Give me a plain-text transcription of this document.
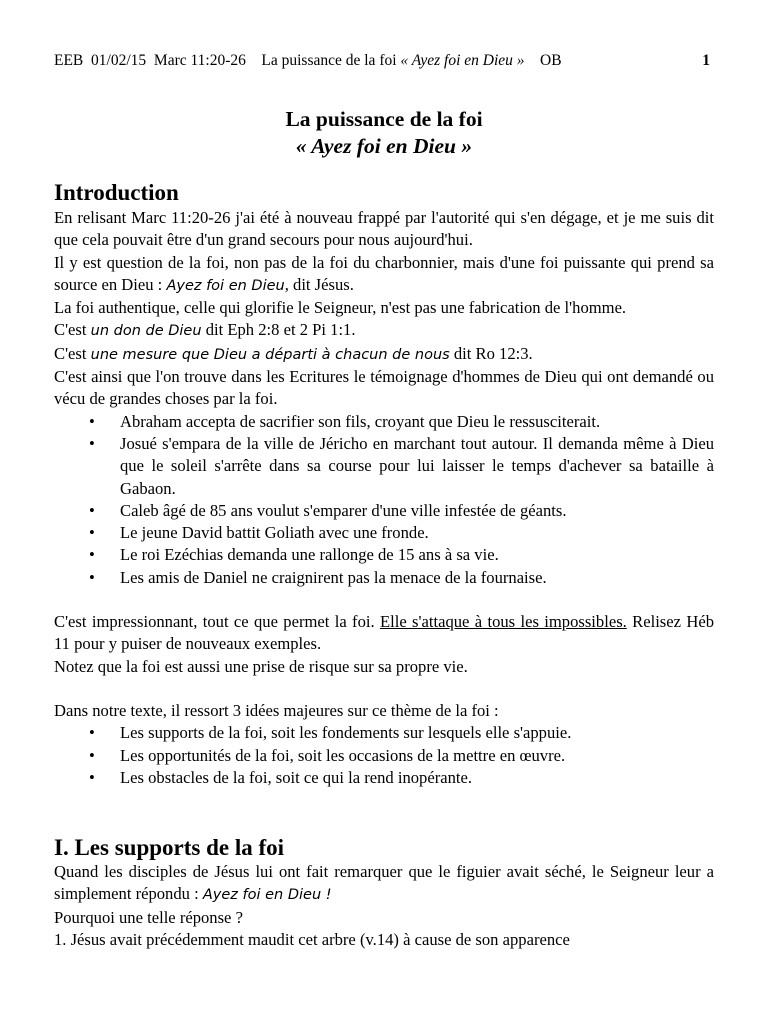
EEB 01/02/15 Marc 11:20-26 La puissance de la foi « Ayez foi en Dieu » OB	1
La puissance de la foi
« Ayez foi en Dieu »
Introduction

En relisant Marc 11:20-26 j'ai été à nouveau frappé par l'autorité qui s'en dégage, et je me suis dit que cela pouvait être d'un grand secours pour nous aujourd'hui.

Il y est question de la foi, non pas de la foi du charbonnier, mais d'une foi puissante qui prend sa source en Dieu : Ayez foi en Dieu, dit Jésus.

La foi authentique, celle qui glorifie le Seigneur, n'est pas une fabrication de l'homme.

C'est un don de Dieu dit Eph 2:8 et 2 Pi 1:1.

C'est une mesure que Dieu a départi à chacun de nous dit Ro 12:3.

C'est ainsi que l'on trouve dans les Ecritures le témoignage d'hommes de Dieu qui ont demandé ou vécu de grandes choses par la foi.

• Abraham accepta de sacrifier son fils, croyant que Dieu le ressusciterait.
• Josué s'empara de la ville de Jéricho en marchant tout autour. Il demanda même à Dieu que le soleil s'arrête dans sa course pour lui laisser le temps d'achever sa bataille à Gabaon.
• Caleb âgé de 85 ans voulut s'emparer d'une ville infestée de géants.
• Le jeune David battit Goliath avec une fronde.
• Le roi Ezéchias demanda une rallonge de 15 ans à sa vie.
• Les amis de Daniel ne craignirent pas la menace de la fournaise.

C'est impressionnant, tout ce que permet la foi. Elle s'attaque à tous les impossibles. Relisez Héb 11 pour y puiser de nouveaux exemples.

Notez que la foi est aussi une prise de risque sur sa propre vie.

Dans notre texte, il ressort 3 idées majeures sur ce thème de la foi :

• Les supports de la foi, soit les fondements sur lesquels elle s'appuie.
• Les opportunités de la foi, soit les occasions de la mettre en œuvre.
• Les obstacles de la foi, soit ce qui la rend inopérante.
I. Les supports de la foi

Quand les disciples de Jésus lui ont fait remarquer que le figuier avait séché, le Seigneur leur a simplement répondu : Ayez foi en Dieu !

Pourquoi une telle réponse ?

1. Jésus avait précédemment maudit cet arbre (v.14) à cause de son apparence
